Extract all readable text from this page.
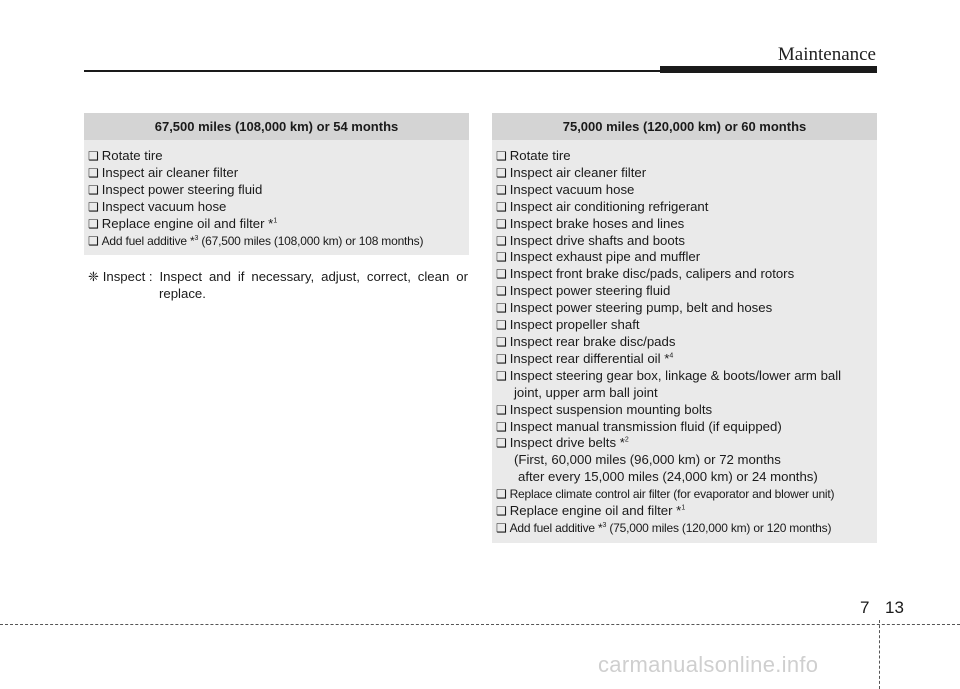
Maintenance
67,500 miles (108,000 km) or 54 months
❑ Rotate tire
❑ Inspect air cleaner filter
❑ Inspect power steering fluid
❑ Inspect vacuum hose
❑ Replace engine oil and filter *$^1$
❑ Add fuel additive *$^3$ (67,500 miles (108,000 km) or 108 months)
❈ Inspect : Inspect and if necessary, adjust, correct, clean or
replace.
75,000 miles (120,000 km) or 60 months
❑ Rotate tire
❑ Inspect air cleaner filter
❑ Inspect vacuum hose
❑ Inspect air conditioning refrigerant
❑ Inspect brake hoses and lines
❑ Inspect drive shafts and boots
❑ Inspect exhaust pipe and muffler
❑ Inspect front brake disc/pads, calipers and rotors
❑ Inspect power steering fluid
❑ Inspect power steering pump, belt and hoses
❑ Inspect propeller shaft
❑ Inspect rear brake disc/pads
❑ Inspect rear differential oil *$^4$
❑ Inspect steering gear box, linkage & boots/lower arm ball
joint, upper arm ball joint
❑ Inspect suspension mounting bolts
❑ Inspect manual transmission fluid (if equipped)
❑ Inspect drive belts *$^2$
(First, 60,000 miles (96,000 km) or 72 months
after every 15,000 miles (24,000 km) or 24 months)
❑ Replace climate control air filter (for evaporator and blower unit)
❑ Replace engine oil and filter *$^1$
❑ Add fuel additive *$^3$ (75,000 miles (120,000 km) or 120 months)
7 13
carmanualsonline.info
